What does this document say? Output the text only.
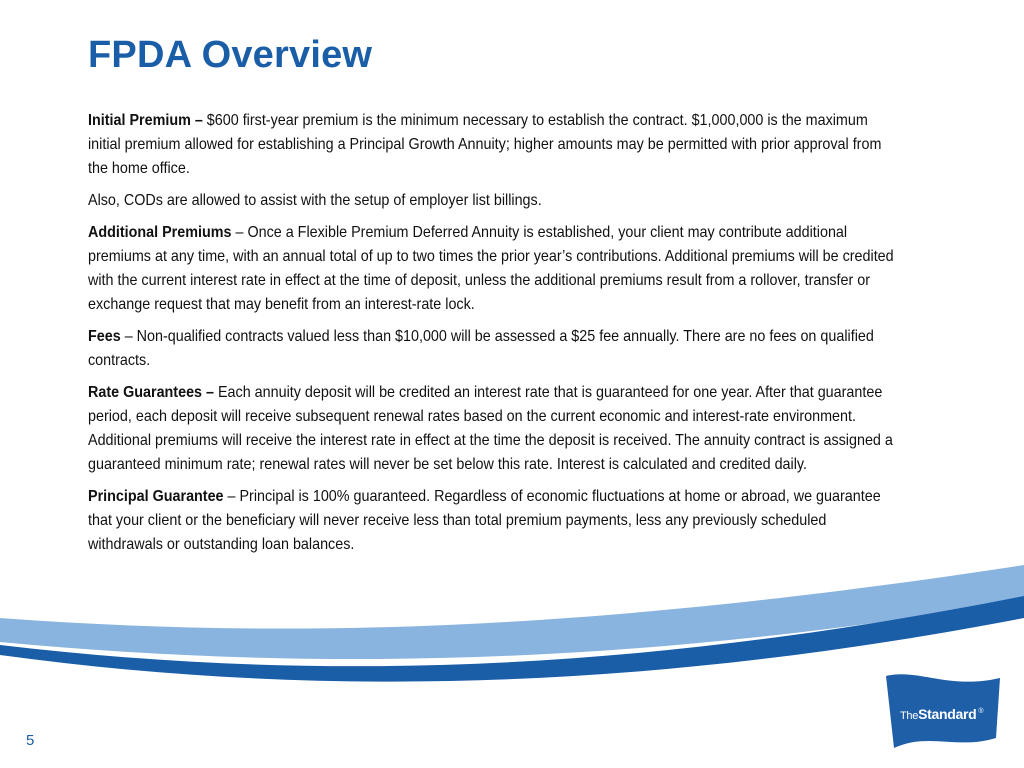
FPDA Overview

Initial Premium – $600 first-year premium is the minimum necessary to establish the contract. $1,000,000 is the maximum initial premium allowed for establishing a Principal Growth Annuity; higher amounts may be permitted with prior approval from the home office.

Also, CODs are allowed to assist with the setup of employer list billings.

Additional Premiums – Once a Flexible Premium Deferred Annuity is established, your client may contribute additional premiums at any time, with an annual total of up to two times the prior year’s contributions. Additional premiums will be credited with the current interest rate in effect at the time of deposit, unless the additional premiums result from a rollover, transfer or exchange request that may benefit from an interest-rate lock.

Fees – Non-qualified contracts valued less than $10,000 will be assessed a $25 fee annually. There are no fees on qualified contracts.

Rate Guarantees – Each annuity deposit will be credited an interest rate that is guaranteed for one year. After that guarantee period, each deposit will receive subsequent renewal rates based on the current economic and interest-rate environment. Additional premiums will receive the interest rate in effect at the time the deposit is received. The annuity contract is assigned a guaranteed minimum rate; renewal rates will never be set below this rate. Interest is calculated and credited daily.

Principal Guarantee – Principal is 100% guaranteed. Regardless of economic fluctuations at home or abroad, we guarantee that your client or the beneficiary will never receive less than total premium payments, less any previously scheduled withdrawals or outstanding loan balances.

5
TheStandard ®
